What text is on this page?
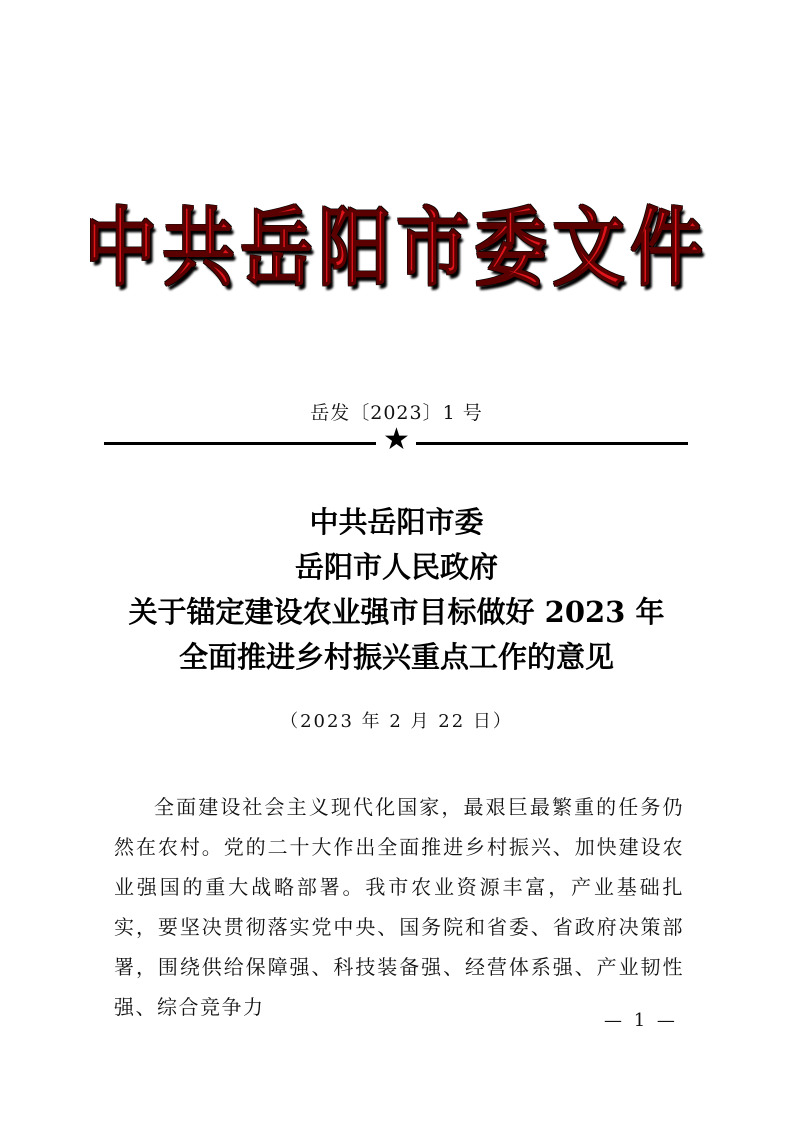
中共岳阳市委文件
岳发〔2023〕1 号
★
中共岳阳市委
岳阳市人民政府
关于锚定建设农业强市目标做好 2023 年
全面推进乡村振兴重点工作的意见
（2023 年 2 月 22 日）
全面建设社会主义现代化国家，最艰巨最繁重的任务仍然在农村。党的二十大作出全面推进乡村振兴、加快建设农业强国的重大战略部署。我市农业资源丰富，产业基础扎实，要坚决贯彻落实党中央、国务院和省委、省政府决策部署，围绕供给保障强、科技装备强、经营体系强、产业韧性强、综合竞争力
— 1 —
